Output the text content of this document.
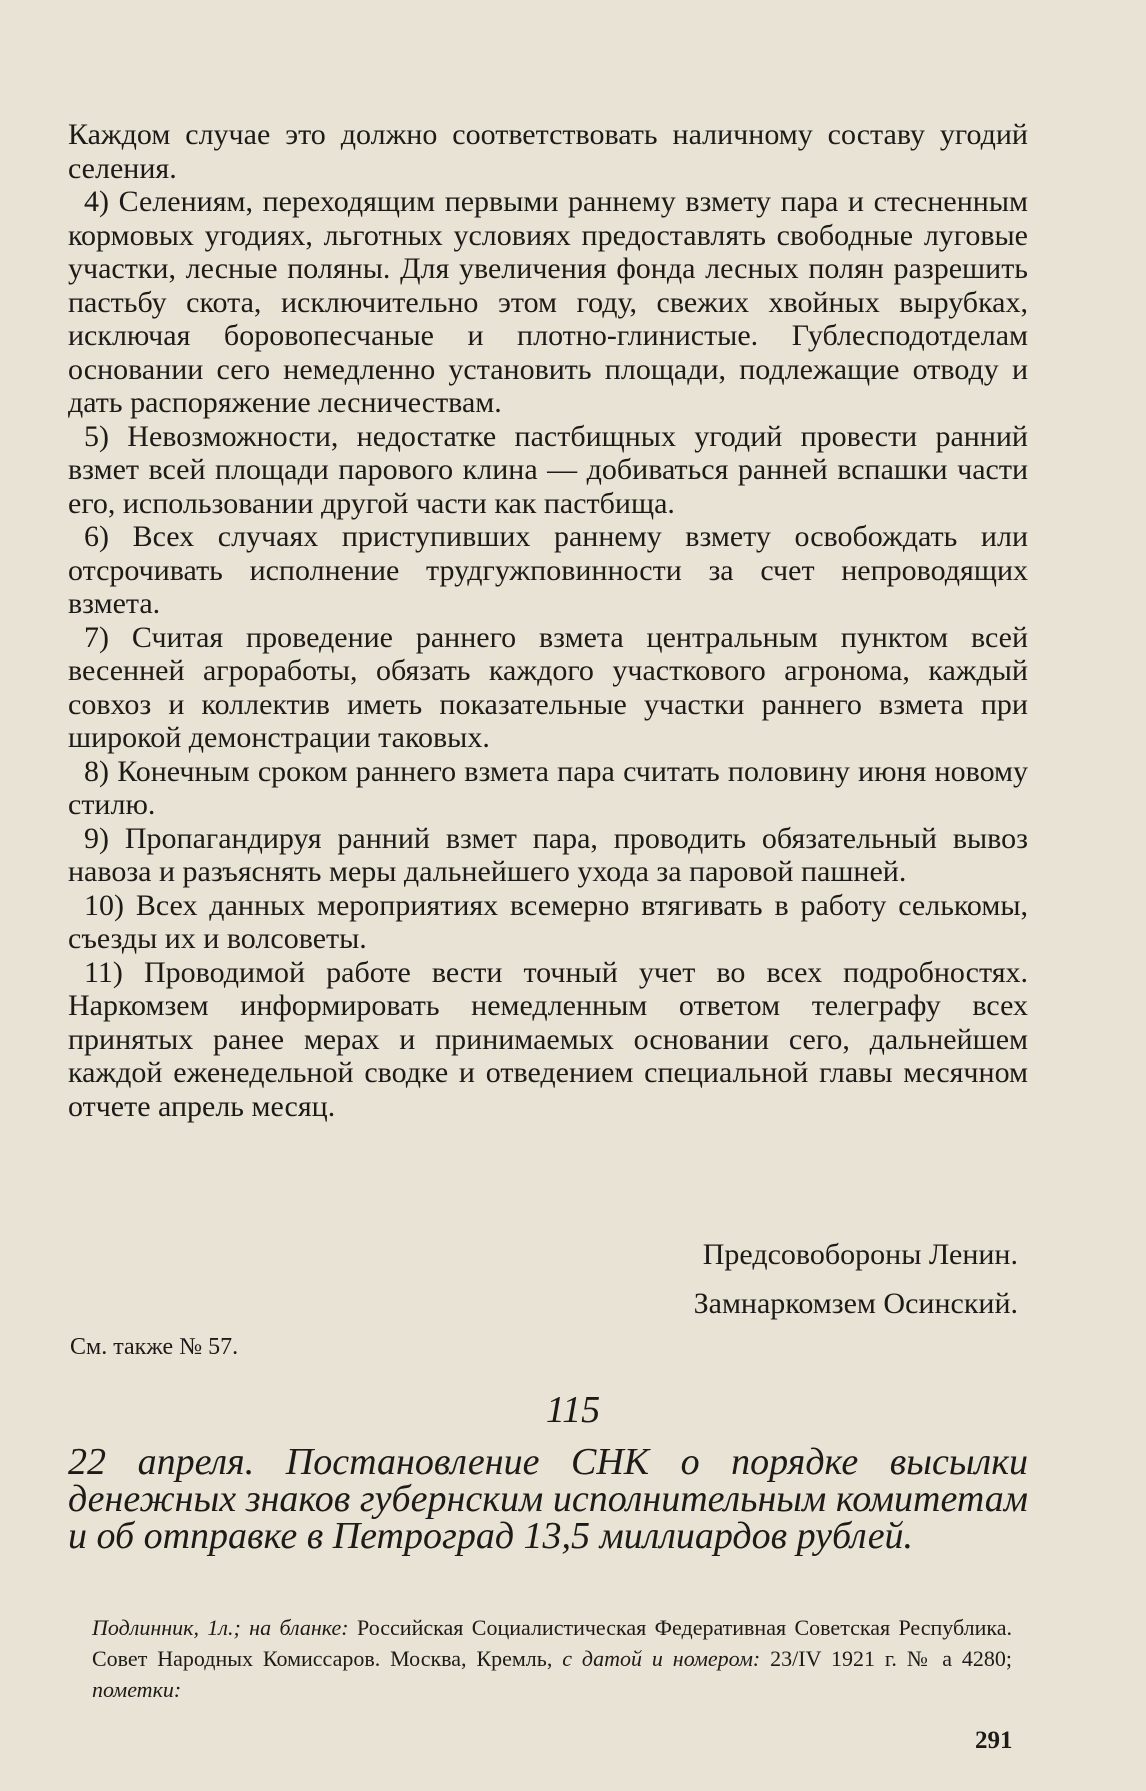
Каждом случае это должно соответствовать наличному составу угодий селения.

4) Селениям, переходящим первыми раннему взмету пара и стесненным кормовых угодиях, льготных условиях предоставлять свободные луговые участки, лесные поляны. Для увеличения фонда лесных полян разрешить пастьбу скота, исключительно этом году, свежих хвойных вырубках, исключая боровопесчаные и плотно-глинистые. Гублесподотделам основании сего немедленно установить площади, подлежащие отводу и дать распоряжение лесничествам.

5) Невозможности, недостатке пастбищных угодий провести ранний взмет всей площади парового клина — добиваться ранней вспашки части его, использовании другой части как пастбища.

6) Всех случаях приступивших раннему взмету освобождать или отсрочивать исполнение трудгужповинности за счет непроводящих взмета.

7) Считая проведение раннего взмета центральным пунктом всей весенней агроработы, обязать каждого участкового агронома, каждый совхоз и коллектив иметь показательные участки раннего взмета при широкой демонстрации таковых.

8) Конечным сроком раннего взмета пара считать половину июня новому стилю.

9) Пропагандируя ранний взмет пара, проводить обязательный вывоз навоза и разъяснять меры дальнейшего ухода за паровой пашней.

10) Всех данных мероприятиях всемерно втягивать в работу селькомы, съезды их и волсоветы.

11) Проводимой работе вести точный учет во всех подробностях. Наркомзем информировать немедленным ответом телеграфу всех принятых ранее мерах и принимаемых основании сего, дальнейшем каждой еженедельной сводке и отведением специальной главы месячном отчете апрель месяц.

Предсовобороны Ленин.
Замнаркомзем Осинский.
См. также № 57.
115
22 апреля. Постановление СНК о порядке высылки денежных знаков губернским исполнительным комитетам и об отправке в Петроград 13,5 миллиардов рублей.
Подлинник, 1л.; на бланке: Российская Социалистическая Федеративная Советская Республика. Совет Народных Комиссаров. Москва, Кремль, с датой и номером: 23/IV 1921 г. № а 4280; пометки:
291
